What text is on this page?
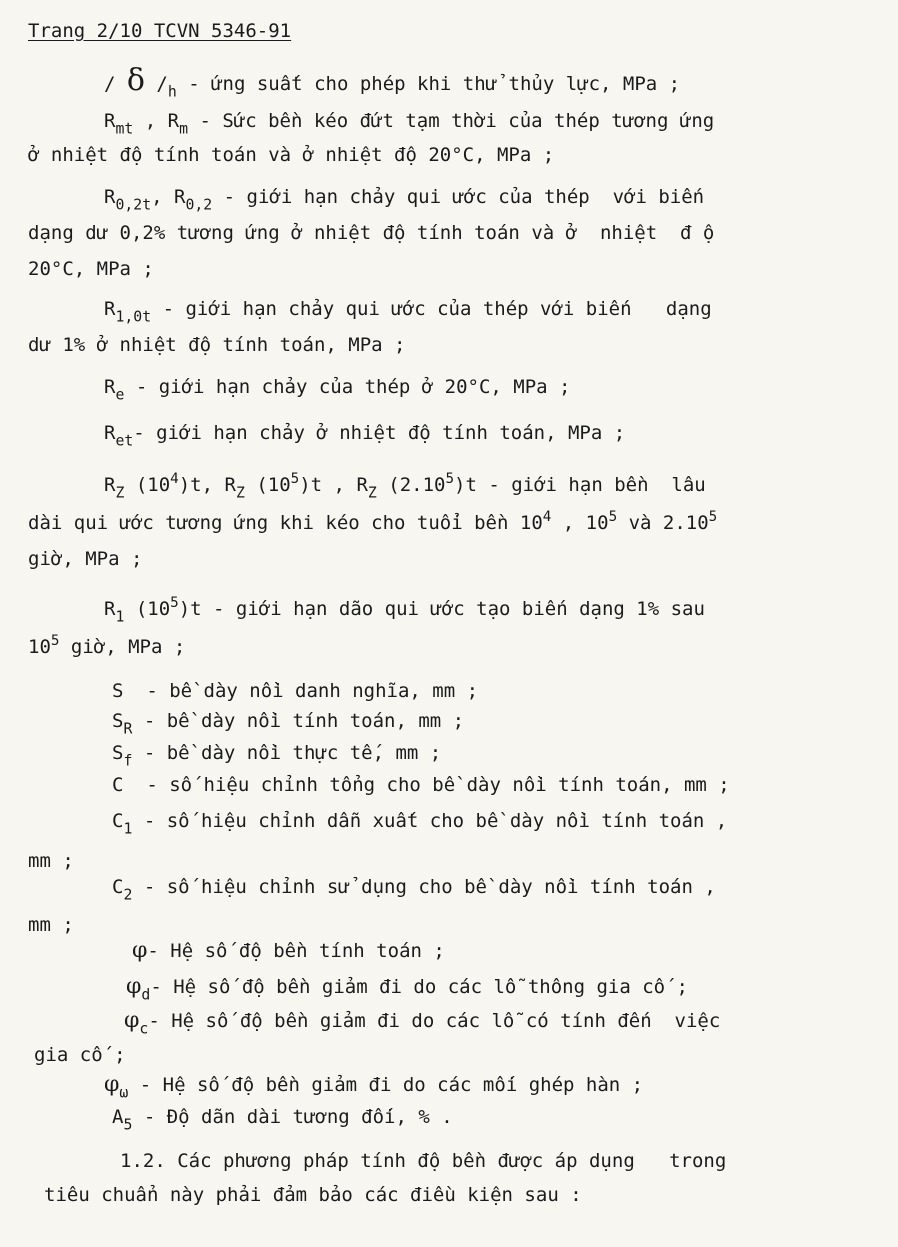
Trang 2/10 TCVN 5346-91
/ δ $/_h$ - ứng suất cho phép khi thử thủy lực, MPa ;
$R_{mt}$ , $R_m$ - Sức bền kéo đứt tạm thời của thép tương ứng
ở nhiệt độ tính toán và ở nhiệt độ 20°C, MPa ;
$R_{0,2t}$, $R_{0,2}$ - giới hạn chảy qui ước của thép  với biến
dạng dư 0,2% tương ứng ở nhiệt độ tính toán và ở  nhiệt  đ ộ
20°C, MPa ;
$R_{1,0t}$ - giới hạn chảy qui ước của thép với biến   dạng
dư 1% ở nhiệt độ tính toán, MPa ;
$R_e$ - giới hạn chảy của thép ở 20°C, MPa ;
$R_{et}-$ giới hạn chảy ở nhiệt độ tính toán, MPa ;
$R_Z$ $(10^4)t$, $R_Z$ $(10^5)t$ , $R_Z$ (2.10$^5$)t - giới hạn bền  lâu
dài qui ước tương ứng khi kéo cho tuổi bền $10^4$ , $10^5$ và 2.10$^5$
giờ, MPa ;
$R_1$ $(10^5)t$ - giới hạn dão qui ước tạo biến dạng 1% sau
$10^5$ giờ, MPa ;
S  - bề dày nồi danh nghĩa, mm ;
$S_R$ - bề dày nồi tính toán, mm ;
$S_f$ - bề dày nồi thực tế, mm ;
C  - số hiệu chỉnh tổng cho bề dày nồi tính toán, mm ;
$C_1$ - số hiệu chỉnh dẫn xuất cho bề dày nồi tính toán ,
mm ;
$C_2$ - số hiệu chỉnh sử dụng cho bề dày nồi tính toán ,
mm ;
φ- Hệ số độ bền tính toán ;
$\varphi_d-$ Hệ số độ bền giảm đi do các lỗ thông gia cố ;
$\varphi_c-$ Hệ số độ bền giảm đi do các lỗ có tính đến  việc
gia cố ;
$\varphi_\omega$ - Hệ số độ bền giảm đi do các mối ghép hàn ;
$A_5$ - Độ dãn dài tương đối, % .
1.2. Các phương pháp tính độ bền được áp dụng   trong
tiêu chuẩn này phải đảm bảo các điều kiện sau :
